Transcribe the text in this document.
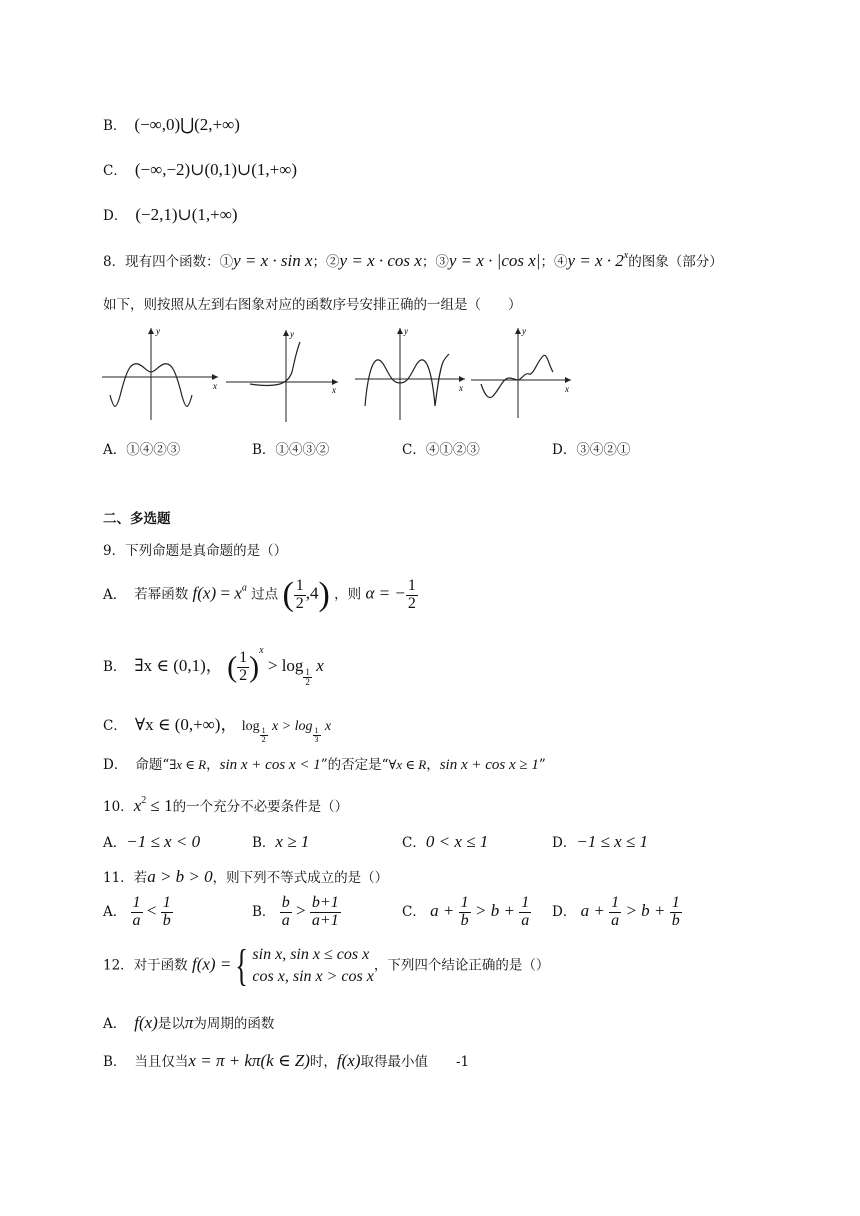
B． (−∞,0)⋃(2,+∞)
C． (−∞,−2)∪(0,1)∪(1,+∞)
D． (−2,1)∪(1,+∞)
8．现有四个函数：①y = x · sin x；②y = x · cos x；③y = x · |cos x|；④y = $x \cdot 2^x$的图象（部分）
如下，则按照从左到右图象对应的函数序号安排正确的一组是（　　）
x
y
x
y
x
y
x
y
A．①④②③	B．①④③②	C．④①②③	D．③④②①
二、多选题
9．下列命题是真命题的是（）
A． 若幂函数 $f(x) = x^a$ 过点 ( $\frac{1}{2} ,4$) ，则 α = − $\frac{1}{2}$
B． ∃x ∈ (0,1)， ( $\frac{1}{2} )^x > \log$
$\frac{1}{2}$
x
C． ∀x ∈ (0,+∞)， log
$\frac{1}{2}$
x > log
$\frac{1}{3}$
x
D． 命题“∃x ∈ R，sin x + cos x < 1”的否定是“∀x ∈ R，sin x + cos x ≥ 1”
10．$x^2 \le 1$的一个充分不必要条件是（）
A．−1 ≤ x < 0	B．x ≥ 1	C．0 < x ≤ 1	D．−1 ≤ x ≤ 1
11．若a > b > 0，则下列不等式成立的是（）
A． $\frac{1}{a} < \frac{1}{b}$	B． $\frac{b}{a} > \frac{b+1}{a+1}$	C． $a + \frac{1}{b} > b + \frac{1}{a}$ D． $a + \frac{1}{a} > b + \frac{1}{b}$
12．对于函数 f(x) ={ sin x, sin x ≤ cos x
cos x, sin x > cos x
，下列四个结论正确的是（）
A． f(x)是以π为周期的函数
B． 当且仅当x = π + kπ(k ∈ Z)时，f(x)取得最小值 -1
